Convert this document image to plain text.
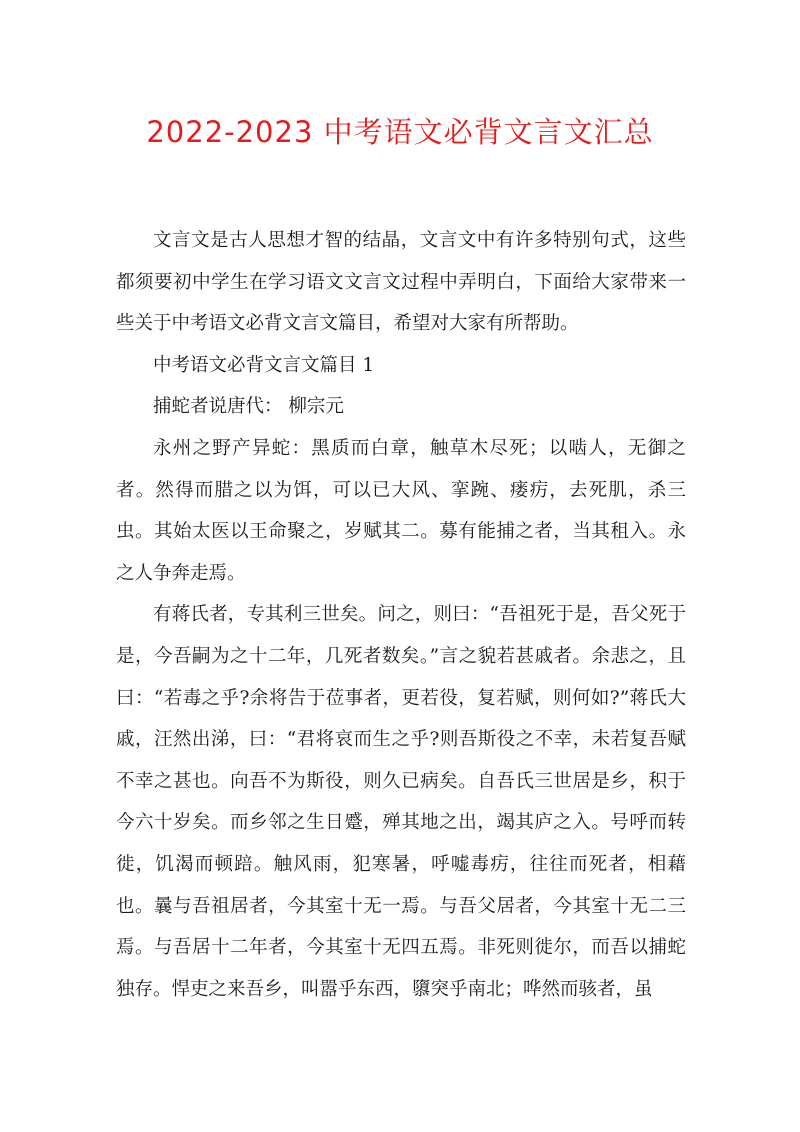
2022-2023 中考语文必背文言文汇总

文言文是古人思想才智的结晶，文言文中有许多特别句式，这些都须要初中学生在学习语文文言文过程中弄明白，下面给大家带来一些关于中考语文必背文言文篇目，希望对大家有所帮助。

中考语文必背文言文篇目 1

捕蛇者说唐代： 柳宗元

永州之野产异蛇：黑质而白章，触草木尽死；以啮人，无御之者。然得而腊之以为饵，可以已大风、挛踠、瘘疠，去死肌，杀三虫。其始太医以王命聚之，岁赋其二。募有能捕之者，当其租入。永之人争奔走焉。

有蒋氏者，专其利三世矣。问之，则曰：“吾祖死于是，吾父死于是，今吾嗣为之十二年，几死者数矣。”言之貌若甚戚者。余悲之，且曰：“若毒之乎?余将告于莅事者，更若役，复若赋，则何如?”蒋氏大戚，汪然出涕，曰：“君将哀而生之乎?则吾斯役之不幸，未若复吾赋不幸之甚也。向吾不为斯役，则久已病矣。自吾氏三世居是乡，积于今六十岁矣。而乡邻之生日蹙，殚其地之出，竭其庐之入。号呼而转徙，饥渴而顿踣。触风雨，犯寒暑，呼嘘毒疠，往往而死者，相藉也。曩与吾祖居者，今其室十无一焉。与吾父居者，今其室十无二三焉。与吾居十二年者，今其室十无四五焉。非死则徙尔，而吾以捕蛇独存。悍吏之来吾乡，叫嚣乎东西，隳突乎南北；哗然而骇者，虽
